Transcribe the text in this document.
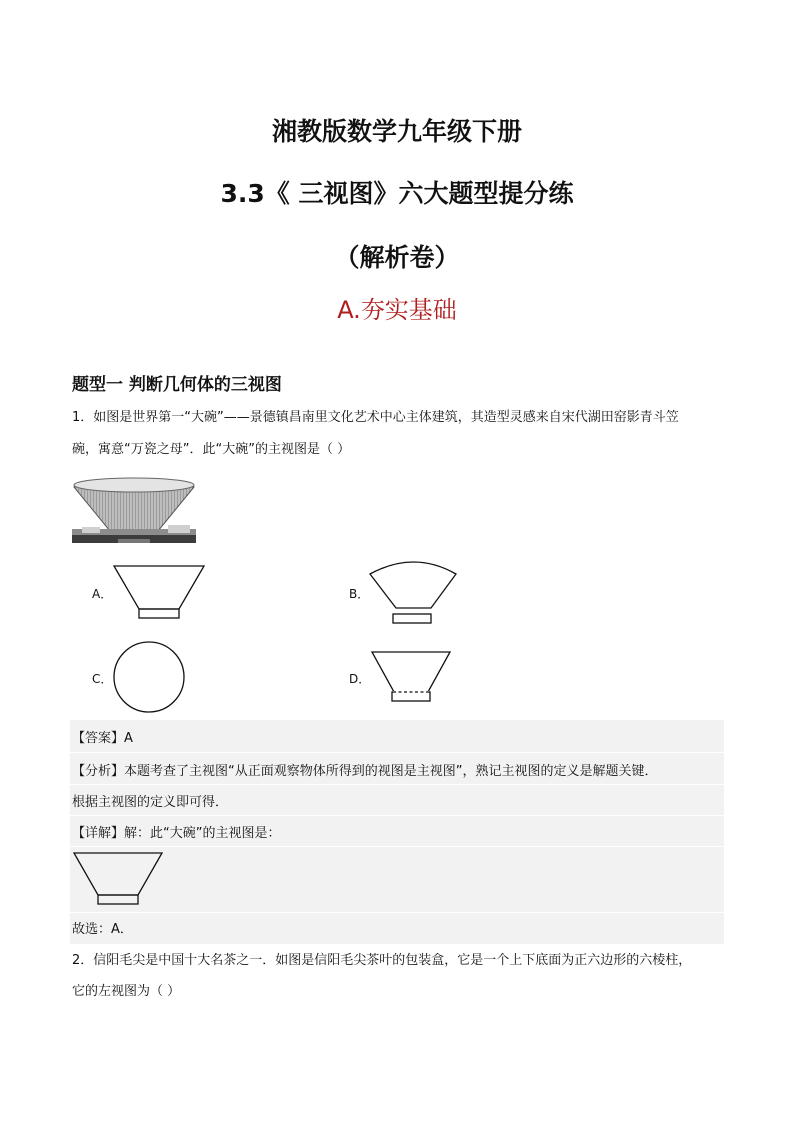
湘教版数学九年级下册
3.3《 三视图》六大题型提分练
（解析卷）
A.夯实基础
题型一 判断几何体的三视图
1．如图是世界第一“大碗”——景德镇昌南里文化艺术中心主体建筑，其造型灵感来自宋代湖田窑影青斗笠
碗，寓意“万瓷之母”．此“大碗”的主视图是（ ）
A．	B．
C．	D．
【答案】A
【分析】本题考查了主视图“从正面观察物体所得到的视图是主视图”，熟记主视图的定义是解题关键．
根据主视图的定义即可得．
【详解】解：此“大碗”的主视图是：
故选：A．
2．信阳毛尖是中国十大名茶之一．如图是信阳毛尖茶叶的包装盒，它是一个上下底面为正六边形的六棱柱，
它的左视图为（ ）
